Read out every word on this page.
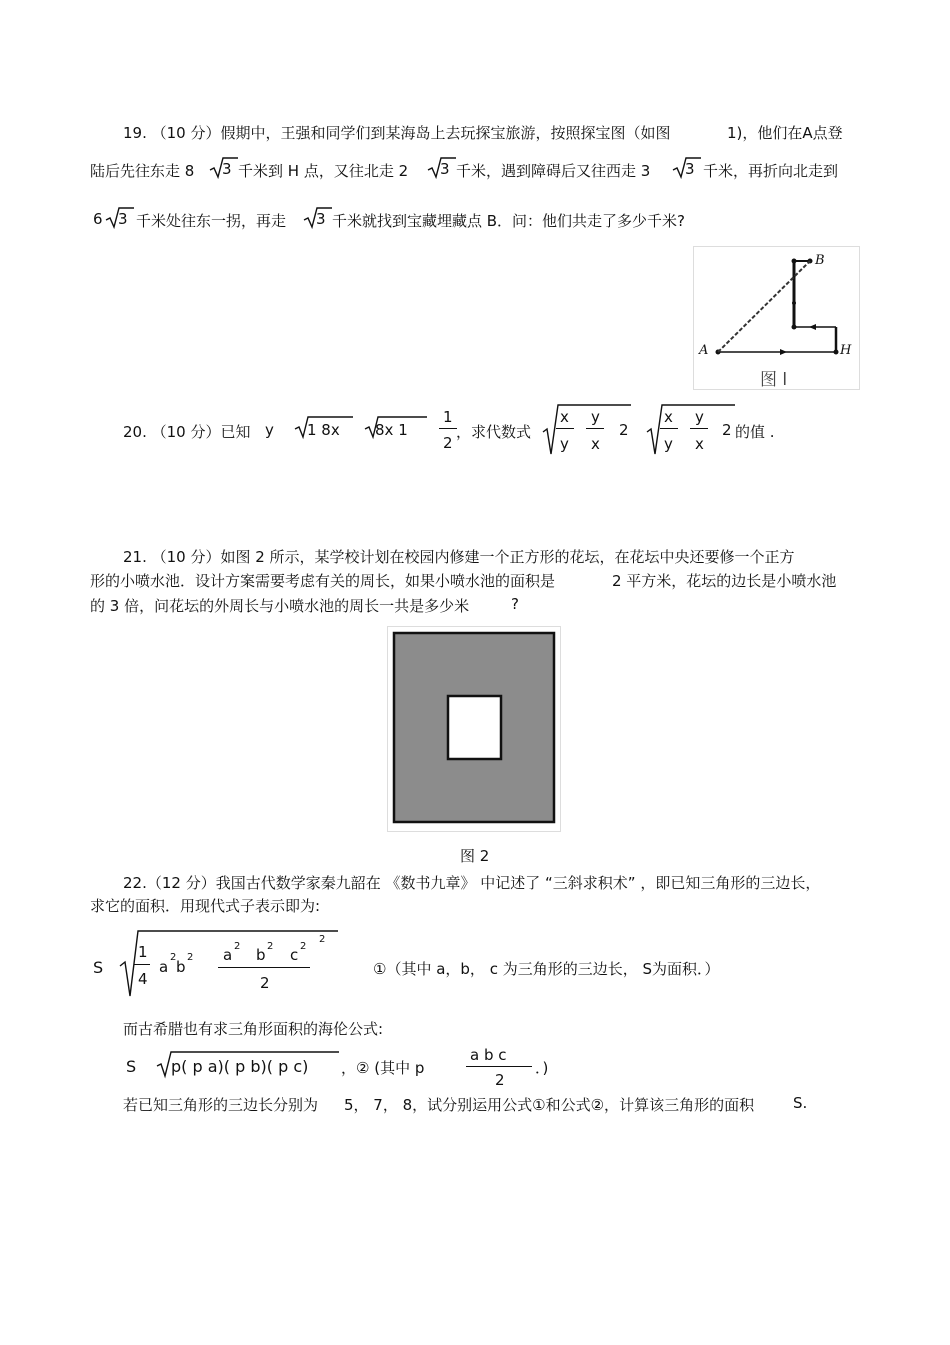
19. （10 分）假期中，王强和同学们到某海岛上去玩探宝旅游，按照探宝图（如图	1)，他们在A点登
陆后先往东走 8 3 千米到 H 点，又往北走 2 3 千米，遇到障碍后又往西走 3 3 千米，再折向北走到
6 3 千米处往东一拐，再走 3 千米就找到宝藏埋藏点 B．问：他们共走了多少千米?
A
B
H
图 l
20. （10 分）已知 y 1 8x 8x 1
1
2
，求代数式
x
y
y
x
2
x
y
y
x
2 的值 .
21. （10 分）如图 2 所示，某学校计划在校园内修建一个正方形的花坛，在花坛中央还要修一个正方
形的小喷水池．设计方案需要考虑有关的周长，如果小喷水池的面积是	2 平方米，花坛的边长是小喷水池
的 3 倍，问花坛的外周长与小喷水池的周长一共是多少米	?
图 2
22.（12 分）我国古代数学家秦九韶在 《数书九章》 中记述了 “三斜求积术” ，即已知三角形的三边长，
求它的面积．用现代式子表示即为:
S
1
4
a
2
b
2 a 2 b 2 c 2
2
2
①（其中 a，b， c 为三角形的三边长， S为面积．）
而古希腊也有求三角形面积的海伦公式:
S p( p a)( p b)( p c) ，② (其中 p
a b c
2
．)
若已知三角形的三边长分别为 5， 7， 8，试分别运用公式①和公式②，计算该三角形的面积	S.
